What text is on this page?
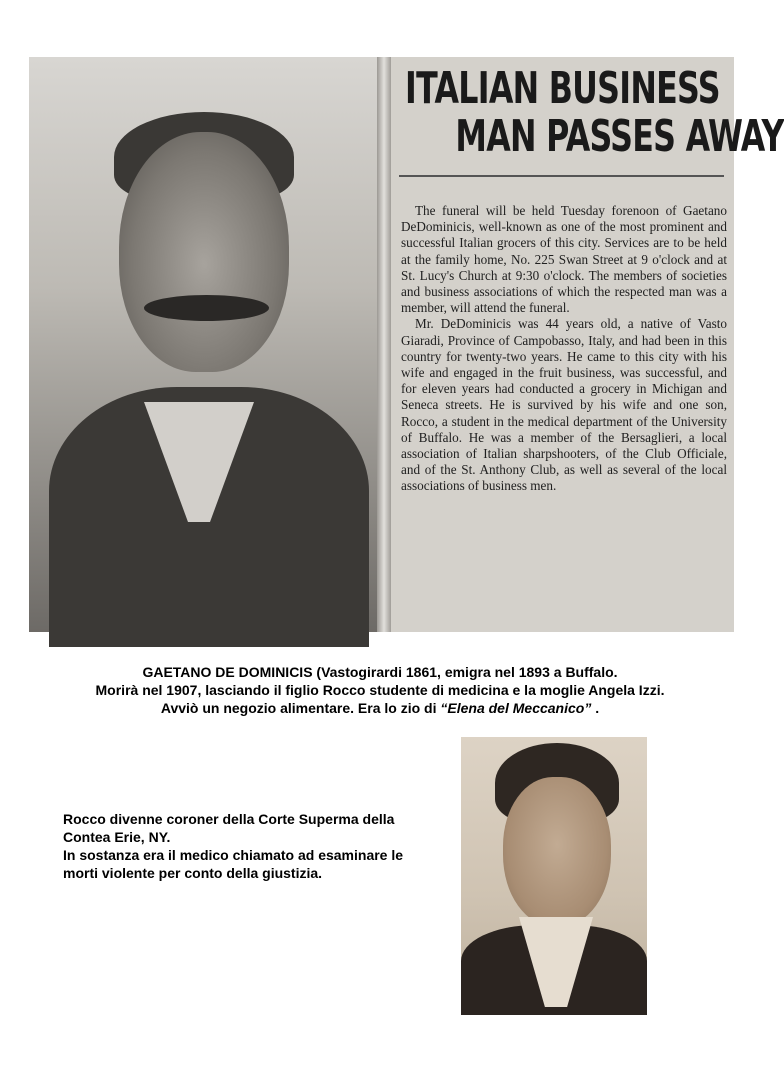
ITALIAN BUSINESS
MAN PASSES AWAY

The funeral will be held Tuesday forenoon of Gaetano DeDominicis, well-known as one of the most prominent and successful Italian grocers of this city. Services are to be held at the family home, No. 225 Swan Street at 9 o'clock and at St. Lucy's Church at 9:30 o'clock. The members of societies and business associations of which the respected man was a member, will attend the funeral.

Mr. DeDominicis was 44 years old, a native of Vasto Giaradi, Province of Campobasso, Italy, and had been in this country for twenty-two years. He came to this city with his wife and engaged in the fruit business, was successful, and for eleven years had conducted a grocery in Michigan and Seneca streets. He is survived by his wife and one son, Rocco, a student in the medical department of the University of Buffalo. He was a member of the Bersaglieri, a local association of Italian sharpshooters, of the Club Officiale, and of the St. Anthony Club, as well as several of the local associations of business men.

GAETANO DE DOMINICIS (Vastogirardi 1861, emigra nel 1893 a Buffalo.
Morirà nel 1907, lasciando il figlio Rocco studente di medicina e la moglie Angela Izzi.
Avviò un negozio alimentare. Era lo zio di “Elena del Meccanico” .
Rocco divenne coroner della Corte Superma della
Contea Erie, NY.
In sostanza era il medico chiamato ad esaminare le
morti violente per conto della giustizia.
